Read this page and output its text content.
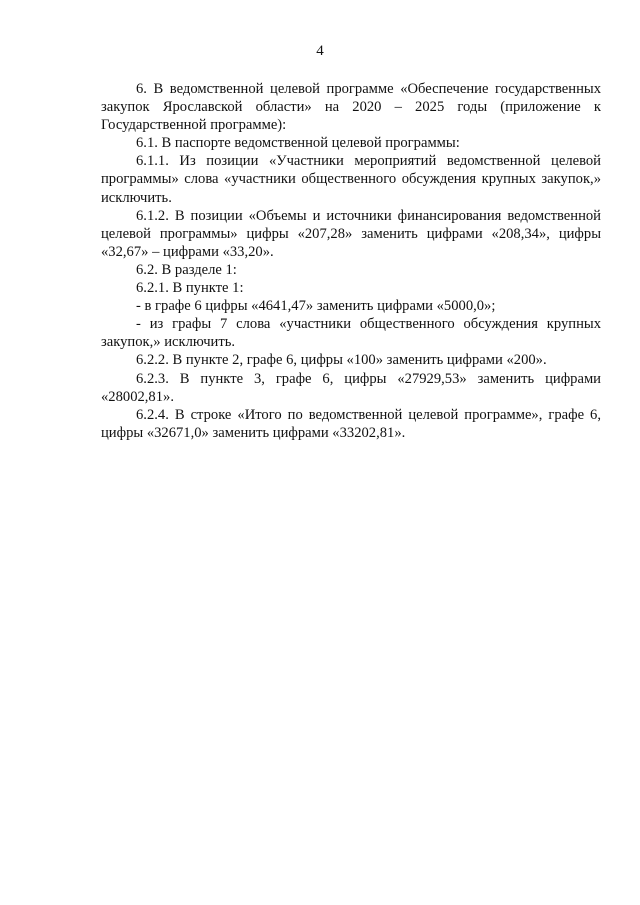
4

6. В ведомственной целевой программе «Обеспечение государственных закупок Ярославской области» на 2020 – 2025 годы (приложение к Государственной программе):

6.1. В паспорте ведомственной целевой программы:

6.1.1. Из позиции «Участники мероприятий ведомственной целевой программы» слова «участники общественного обсуждения крупных закупок,» исключить.

6.1.2. В позиции «Объемы и источники финансирования ведомственной целевой программы» цифры «207,28» заменить цифрами «208,34», цифры «32,67» – цифрами «33,20».

6.2. В разделе 1:

6.2.1. В пункте 1:

- в графе 6 цифры «4641,47» заменить цифрами «5000,0»;

- из графы 7 слова «участники общественного обсуждения крупных закупок,» исключить.

6.2.2. В пункте 2, графе 6, цифры «100» заменить цифрами «200».

6.2.3. В пункте 3, графе 6, цифры «27929,53» заменить цифрами «28002,81».

6.2.4. В строке «Итого по ведомственной целевой программе», графе 6, цифры «32671,0» заменить цифрами «33202,81».
